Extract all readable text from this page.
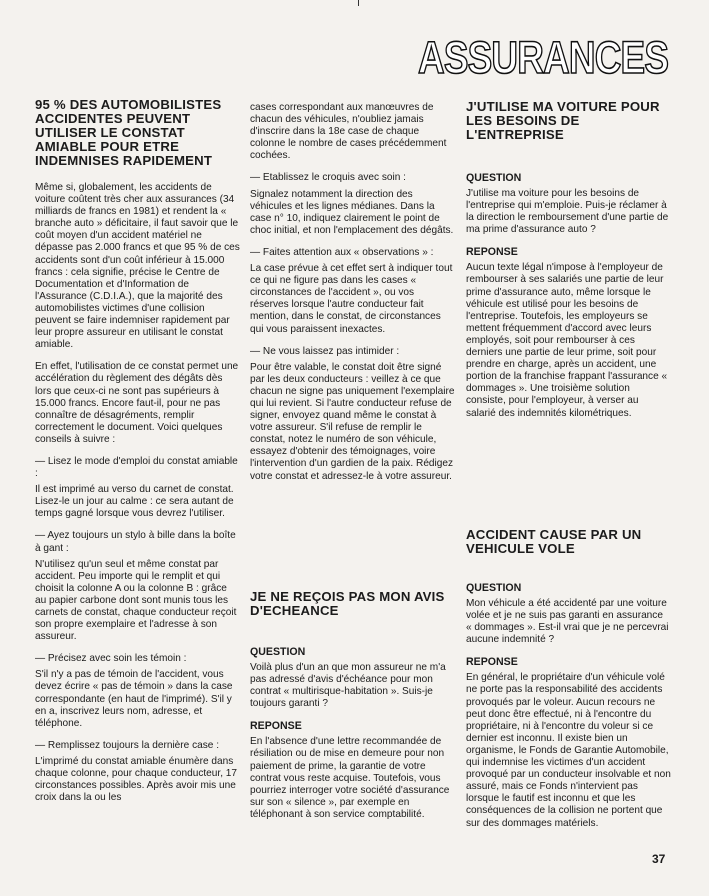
ASSURANCES
95 % DES AUTOMOBILISTES ACCIDENTES PEUVENT UTILISER LE CONSTAT AMIABLE POUR ETRE INDEMNISES RAPIDEMENT

Même si, globalement, les accidents de voiture coûtent très cher aux assurances (34 milliards de francs en 1981) et rendent la « branche auto » déficitaire, il faut savoir que le coût moyen d'un accident matériel ne dépasse pas 2.000 francs et que 95 % de ces accidents sont d'un coût inférieur à 15.000 francs : cela signifie, précise le Centre de Documentation et d'Information de l'Assurance (C.D.I.A.), que la majorité des automobilistes victimes d'une collision peuvent se faire indemniser rapidement par leur propre assureur en utilisant le constat amiable.

En effet, l'utilisation de ce constat permet une accélération du règlement des dégâts dès lors que ceux-ci ne sont pas supérieurs à 15.000 francs. Encore faut-il, pour ne pas connaître de désagréments, remplir correctement le document. Voici quelques conseils à suivre :

— Lisez le mode d'emploi du constat amiable :

Il est imprimé au verso du carnet de constat. Lisez-le un jour au calme : ce sera autant de temps gagné lorsque vous devrez l'utiliser.

— Ayez toujours un stylo à bille dans la boîte à gant :

N'utilisez qu'un seul et même constat par accident. Peu importe qui le remplit et qui choisit la colonne A ou la colonne B : grâce au papier carbone dont sont munis tous les carnets de constat, chaque conducteur reçoit son propre exemplaire et l'adresse à son assureur.

— Précisez avec soin les témoin :

S'il n'y a pas de témoin de l'accident, vous devez écrire « pas de témoin » dans la case correspondante (en haut de l'imprimé). S'il y en a, inscrivez leurs nom, adresse, et téléphone.

— Remplissez toujours la dernière case :

L'imprimé du constat amiable énumère dans chaque colonne, pour chaque conducteur, 17 circonstances possibles. Après avoir mis une croix dans la ou les

cases correspondant aux manœuvres de chacun des véhicules, n'oubliez jamais d'inscrire dans la 18e case de chaque colonne le nombre de cases précédemment cochées.

— Etablissez le croquis avec soin :

Signalez notamment la direction des véhicules et les lignes médianes. Dans la case n° 10, indiquez clairement le point de choc initial, et non l'emplacement des dégâts.

— Faites attention aux « observations » :

La case prévue à cet effet sert à indiquer tout ce qui ne figure pas dans les cases « circonstances de l'accident », ou vos réserves lorsque l'autre conducteur fait mention, dans le constat, de circonstances qui vous paraissent inexactes.

— Ne vous laissez pas intimider :

Pour être valable, le constat doit être signé par les deux conducteurs : veillez à ce que chacun ne signe pas uniquement l'exemplaire qui lui revient. Si l'autre conducteur refuse de signer, envoyez quand même le constat à votre assureur. S'il refuse de remplir le constat, notez le numéro de son véhicule, essayez d'obtenir des témoignages, voire l'intervention d'un gardien de la paix. Rédigez votre constat et adressez-le à votre assureur.

JE NE REÇOIS PAS MON AVIS D'ECHEANCE
QUESTION

Voilà plus d'un an que mon assureur ne m'a pas adressé d'avis d'échéance pour mon contrat « multirisque-habitation ». Suis-je toujours garanti ?

REPONSE

En l'absence d'une lettre recommandée de résiliation ou de mise en demeure pour non paiement de prime, la garantie de votre contrat vous reste acquise. Toutefois, vous pourriez interroger votre société d'assurance sur son « silence », par exemple en téléphonant à son service comptabilité.

J'UTILISE MA VOITURE POUR LES BESOINS DE L'ENTREPRISE
QUESTION

J'utilise ma voiture pour les besoins de l'entreprise qui m'emploie. Puis-je réclamer à la direction le remboursement d'une partie de ma prime d'assurance auto ?

REPONSE

Aucun texte légal n'impose à l'employeur de rembourser à ses salariés une partie de leur prime d'assurance auto, même lorsque le véhicule est utilisé pour les besoins de l'entreprise. Toutefois, les employeurs se mettent fréquemment d'accord avec leurs employés, soit pour rembourser à ces derniers une partie de leur prime, soit pour prendre en charge, après un accident, une portion de la franchise frappant l'assurance « dommages ». Une troisième solution consiste, pour l'employeur, à verser au salarié des indemnités kilométriques.

ACCIDENT CAUSE PAR UN VEHICULE VOLE
QUESTION

Mon véhicule a été accidenté par une voiture volée et je ne suis pas garanti en assurance « dommages ». Est-il vrai que je ne percevrai aucune indemnité ?

REPONSE

En général, le propriétaire d'un véhicule volé ne porte pas la responsabilité des accidents provoqués par le voleur. Aucun recours ne peut donc être effectué, ni à l'encontre du propriétaire, ni à l'encontre du voleur si ce dernier est inconnu. Il existe bien un organisme, le Fonds de Garantie Automobile, qui indemnise les victimes d'un accident provoqué par un conducteur insolvable et non assuré, mais ce Fonds n'intervient pas lorsque le fautif est inconnu et que les conséquences de la collision ne portent que sur des dommages matériels.

37
